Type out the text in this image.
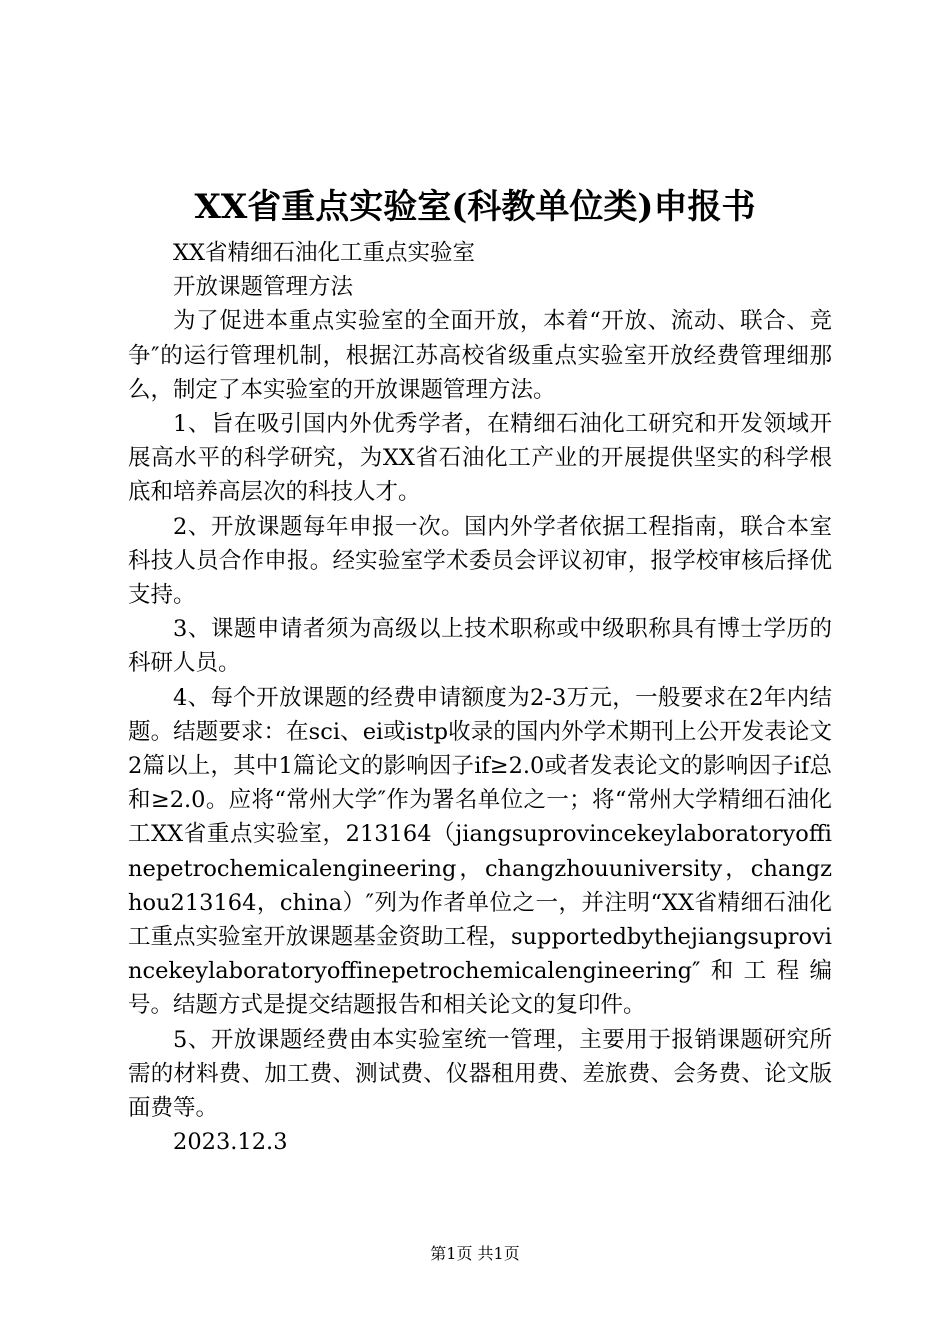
XX省重点实验室(科教单位类)申报书

XX省精细石油化工重点实验室

开放课题管理方法

为了促进本重点实验室的全面开放，本着“开放、流动、联合、竞争″的运行管理机制，根据江苏高校省级重点实验室开放经费管理细那么，制定了本实验室的开放课题管理方法。

1、旨在吸引国内外优秀学者，在精细石油化工研究和开发领域开展高水平的科学研究，为XX省石油化工产业的开展提供坚实的科学根底和培养高层次的科技人才。

2、开放课题每年申报一次。国内外学者依据工程指南，联合本室科技人员合作申报。经实验室学术委员会评议初审，报学校审核后择优支持。

3、课题申请者须为高级以上技术职称或中级职称具有博士学历的科研人员。

4、每个开放课题的经费申请额度为2-3万元，一般要求在2年内结题。结题要求：在sci、ei或istp收录的国内外学术期刊上公开发表论文2篇以上，其中1篇论文的影响因子if≥2.0或者发表论文的影响因子if总和≥2.0。应将“常州大学″作为署名单位之一；将“常州大学精细石油化工XX省重点实验室，213164（jiangsuprovincekeylaboratoryoffinepetrochemicalengineering，changzhouuniversity，changzhou213164，china）″列为作者单位之一，并注明“XX省精细石油化工重点实验室开放课题基金资助工程，supportedbythejiangsuprovincekeylaboratoryoffinepetrochemicalengineering″和工程编号。结题方式是提交结题报告和相关论文的复印件。

5、开放课题经费由本实验室统一管理，主要用于报销课题研究所需的材料费、加工费、测试费、仪器租用费、差旅费、会务费、论文版面费等。

2023.12.3

第1页 共1页
